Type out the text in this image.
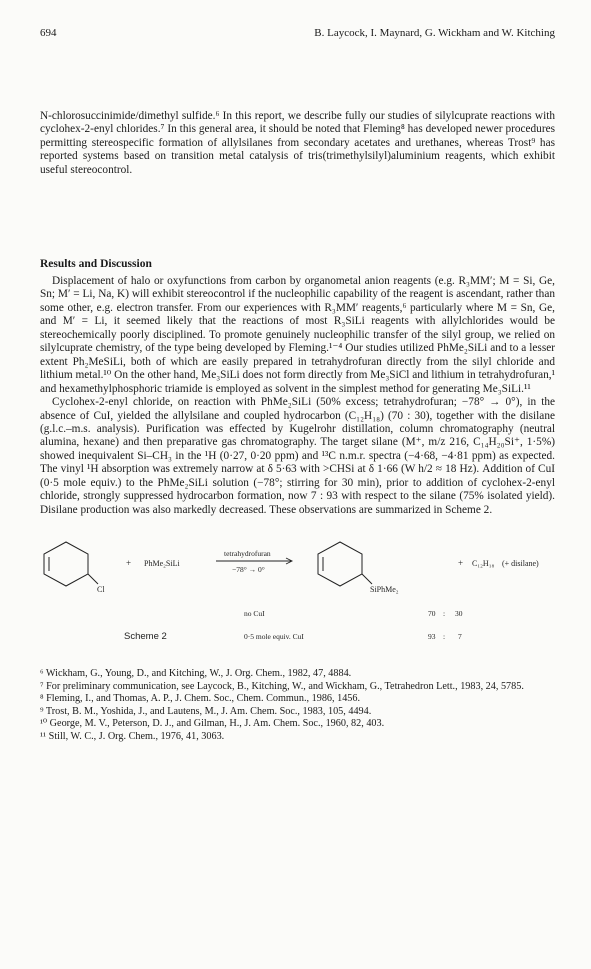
694	B. Laycock, I. Maynard, G. Wickham and W. Kitching

N-chlorosuccinimide/dimethyl sulfide.⁶ In this report, we describe fully our studies of silylcuprate reactions with cyclohex-2-enyl chlorides.⁷ In this general area, it should be noted that Fleming⁸ has developed newer procedures permitting stereospecific formation of allylsilanes from secondary acetates and urethanes, whereas Trost⁹ has reported systems based on transition metal catalysis of tris(trimethylsilyl)aluminium reagents, which exhibit useful stereocontrol.

Results and Discussion

Displacement of halo or oxyfunctions from carbon by organometal anion reagents (e.g. R₃MM′; M = Si, Ge, Sn; M′ = Li, Na, K) will exhibit stereocontrol if the nucleophilic capability of the reagent is ascendant, rather than some other, e.g. electron transfer. From our experiences with R₃MM′ reagents,⁶ particularly where M = Sn, Ge, and M′ = Li, it seemed likely that the reactions of most R₃SiLi reagents with allylchlorides would be stereochemically poorly disciplined. To promote genuinely nucleophilic transfer of the silyl group, we relied on silylcuprate chemistry, of the type being developed by Fleming.¹⁻⁴ Our studies utilized PhMe₂SiLi and to a lesser extent Ph₂MeSiLi, both of which are easily prepared in tetrahydrofuran directly from the silyl chloride and lithium metal.¹⁰ On the other hand, Me₃SiLi does not form directly from Me₃SiCl and lithium in tetrahydrofuran,¹ and hexamethylphosphoric triamide is employed as solvent in the simplest method for generating Me₃SiLi.¹¹

Cyclohex-2-enyl chloride, on reaction with PhMe₂SiLi (50% excess; tetrahydrofuran; −78° → 0°), in the absence of CuI, yielded the allylsilane and coupled hydrocarbon (C₁₂H₁₈) (70 : 30), together with the disilane (g.l.c.–m.s. analysis). Purification was effected by Kugelrohr distillation, column chromatography (neutral alumina, hexane) and then preparative gas chromatography. The target silane (M⁺, m/z 216, C₁₄H₂₀Si⁺, 1·5%) showed inequivalent Si–CH₃ in the ¹H (0·27, 0·20 ppm) and ¹³C n.m.r. spectra (−4·68, −4·81 ppm) as expected. The vinyl ¹H absorption was extremely narrow at δ 5·63 with >CHSi at δ 1·66 (W h/2 ≈ 18 Hz). Addition of CuI (0·5 mole equiv.) to the PhMe₂SiLi solution (−78°; stirring for 30 min), prior to addition of cyclohex-2-enyl chloride, strongly suppressed hydrocarbon formation, now 7 : 93 with respect to the silane (75% isolated yield). Disilane production was also markedly decreased. These observations are summarized in Scheme 2.

Cl
+ PhMe₂SiLi
tetrahydrofuran
−78° → 0°
SiPhMe₂
+ C₁₂H₁₈ (+ disilane)
no CuI	70 : 30
Scheme 2	0·5 mole equiv. CuI	93 : 7

⁶ Wickham, G., Young, D., and Kitching, W., J. Org. Chem., 1982, 47, 4884.

⁷ For preliminary communication, see Laycock, B., Kitching, W., and Wickham, G., Tetrahedron Lett., 1983, 24, 5785.

⁸ Fleming, I., and Thomas, A. P., J. Chem. Soc., Chem. Commun., 1986, 1456.

⁹ Trost, B. M., Yoshida, J., and Lautens, M., J. Am. Chem. Soc., 1983, 105, 4494.

¹⁰ George, M. V., Peterson, D. J., and Gilman, H., J. Am. Chem. Soc., 1960, 82, 403.

¹¹ Still, W. C., J. Org. Chem., 1976, 41, 3063.
